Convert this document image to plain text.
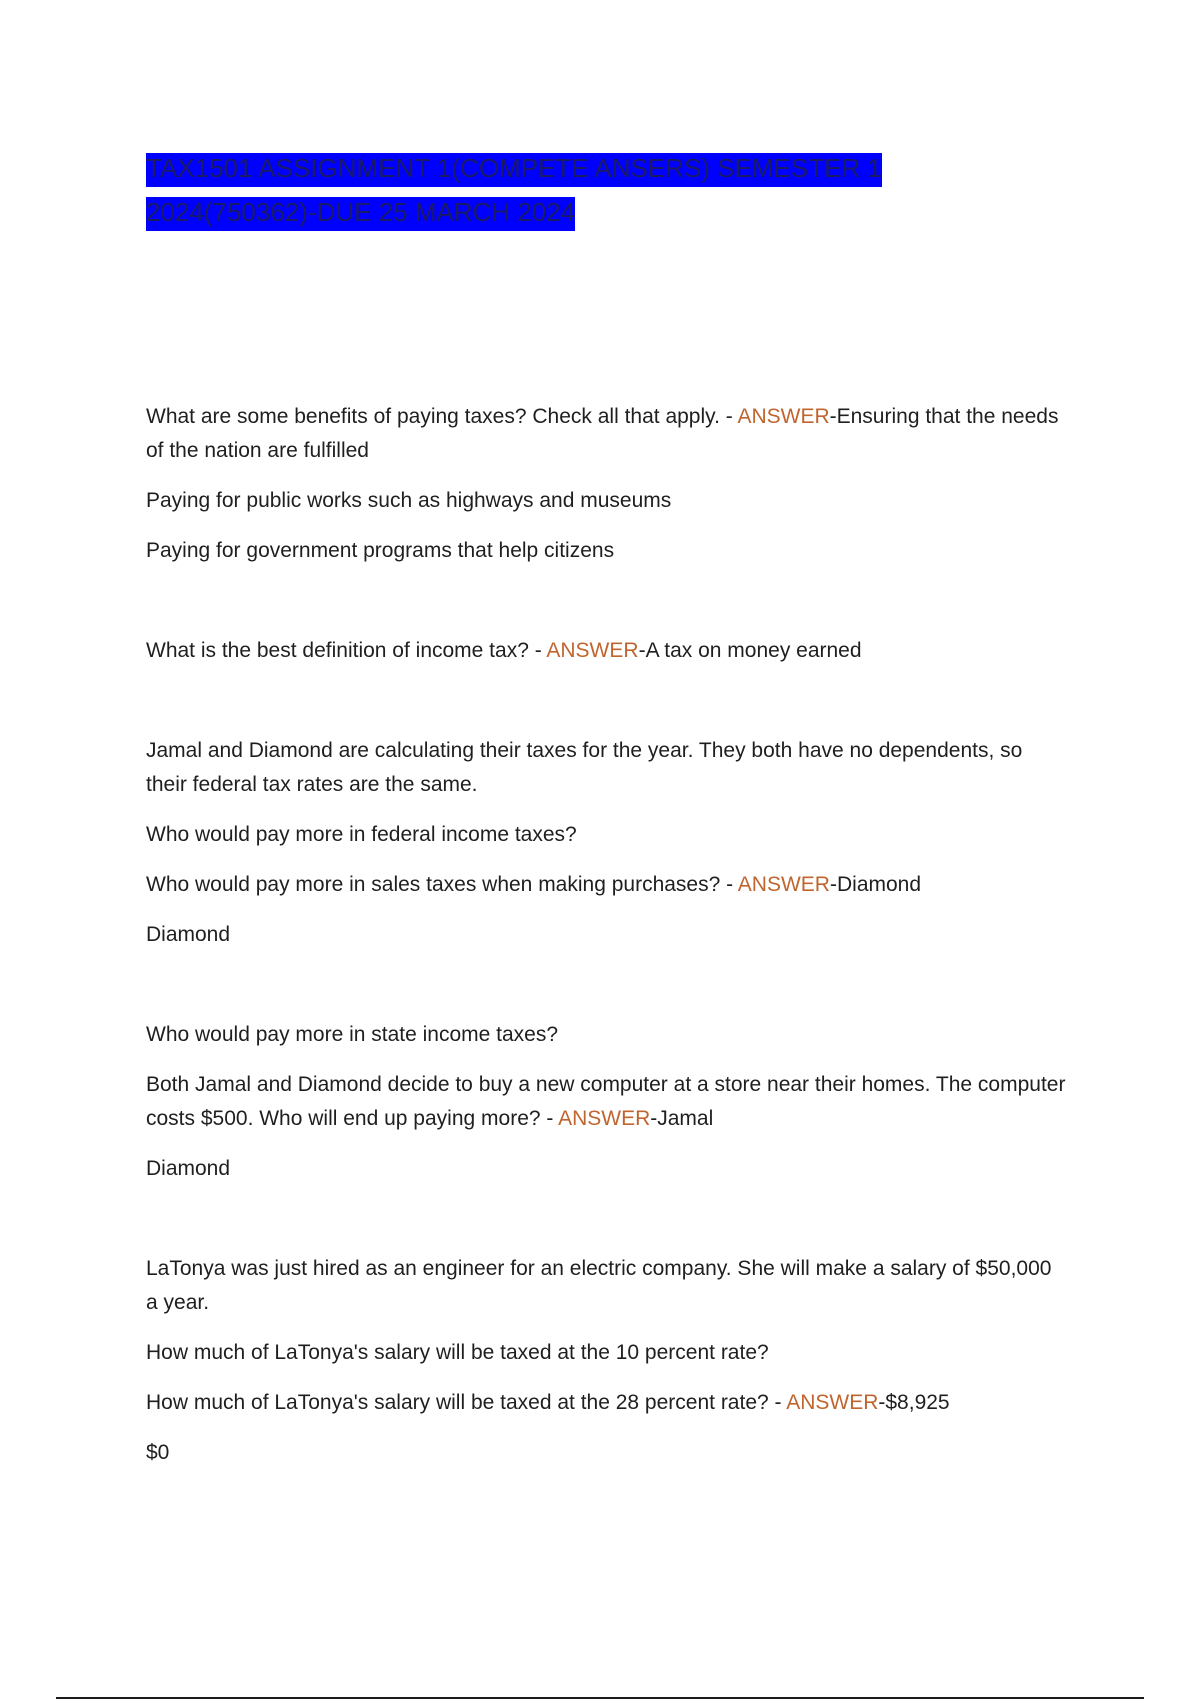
TAX1501 ASSIGNMENT 1(COMPETE ANSERS) SEMESTER 1
2024(750362)-DUE 25 MARCH 2024

What are some benefits of paying taxes? Check all that apply. - ANSWER-Ensuring that the needs of the nation are fulfilled

Paying for public works such as highways and museums

Paying for government programs that help citizens

What is the best definition of income tax? - ANSWER-A tax on money earned

Jamal and Diamond are calculating their taxes for the year. They both have no dependents, so their federal tax rates are the same.

Who would pay more in federal income taxes?

Who would pay more in sales taxes when making purchases? - ANSWER-Diamond

Diamond

Who would pay more in state income taxes?

Both Jamal and Diamond decide to buy a new computer at a store near their homes. The computer costs $500. Who will end up paying more? - ANSWER-Jamal

Diamond

LaTonya was just hired as an engineer for an electric company. She will make a salary of $50,000 a year.

How much of LaTonya's salary will be taxed at the 10 percent rate?

How much of LaTonya's salary will be taxed at the 28 percent rate? - ANSWER-$8,925

$0
